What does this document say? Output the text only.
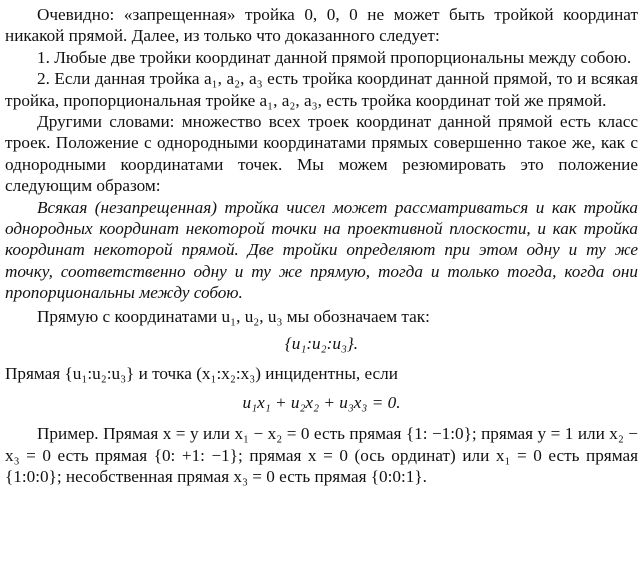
Очевидно: «запрещенная» тройка 0, 0, 0 не может быть тройкой координат никакой прямой. Далее, из только что доказанного следует:

1. Любые две тройки координат данной прямой пропорциональны между собою.

2. Если данная тройка a₁, a₂, a₃ есть тройка координат данной прямой, то и всякая тройка, пропорциональная тройке a₁, a₂, a₃, есть тройка координат той же прямой.

Другими словами: множество всех троек координат данной прямой есть класс троек. Положение с однородными координатами прямых совершенно такое же, как с однородными координатами точек. Мы можем резюмировать это положение следующим образом:

Всякая (незапрещенная) тройка чисел может рассматриваться и как тройка однородных координат некоторой точки на проективной плоскости, и как тройка координат некоторой прямой. Две тройки определяют при этом одну и ту же точку, соответственно одну и ту же прямую, тогда и только тогда, когда они пропорциональны между собою.

Прямую с координатами u₁, u₂, u₃ мы обозначаем так:

{u₁:u₂:u₃}.

Прямая {u₁:u₂:u₃} и точка (x₁:x₂:x₃) инцидентны, если

u₁x₁ + u₂x₂ + u₃x₃ = 0.

Пример. Прямая x = y или x₁ − x₂ = 0 есть прямая {1: −1:0}; прямая y = 1 или x₂ − x₃ = 0 есть прямая {0: +1: −1}; прямая x = 0 (ось ординат) или x₁ = 0 есть прямая {1:0:0}; несобственная прямая x₃ = 0 есть прямая {0:0:1}.
